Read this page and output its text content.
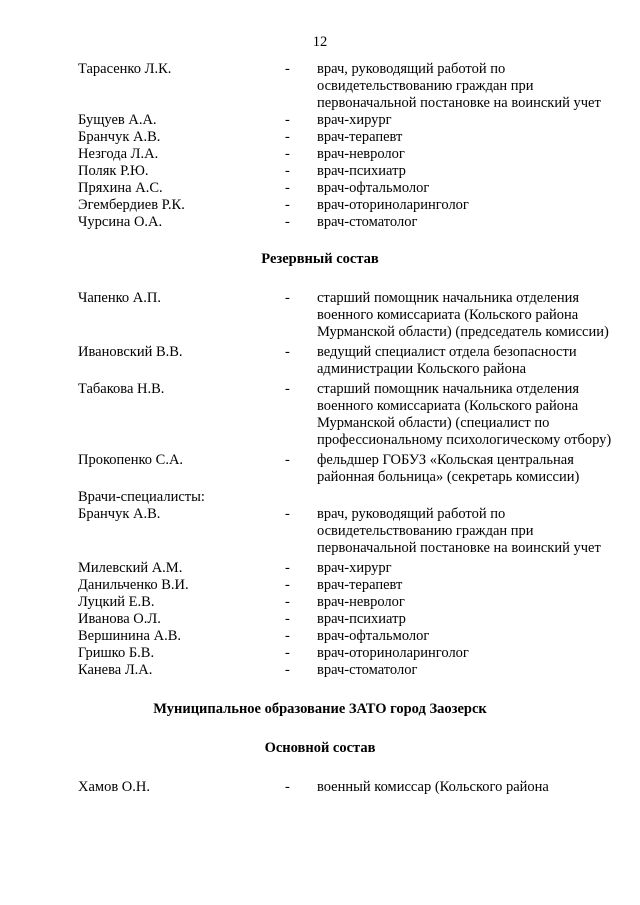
12
Тарасенко Л.К.	- врач, руководящий работой по освидетельствованию граждан при первоначальной постановке на воинский учет
Бущуев А.А.	- врач-хирург
Бранчук А.В.	- врач-терапевт
Незгода Л.А.	- врач-невролог
Поляк Р.Ю.	- врач-психиатр
Пряхина А.С.	- врач-офтальмолог
Эгембердиев Р.К.	- врач-оториноларинголог
Чурсина О.А.	- врач-стоматолог
Резервный состав
Чапенко А.П.	- старший помощник начальника отделения военного комиссариата (Кольского района Мурманской области) (председатель комиссии)
Ивановский В.В.	- ведущий специалист отдела безопасности администрации Кольского района
Табакова Н.В.	- старший помощник начальника отделения военного комиссариата (Кольского района Мурманской области) (специалист по профессиональному психологическому отбору)
Прокопенко С.А.	- фельдшер ГОБУЗ «Кольская центральная районная больница» (секретарь комиссии)
Врачи-специалисты:
Бранчук А.В.	- врач, руководящий работой по освидетельствованию граждан при первоначальной постановке на воинский учет
Милевский А.М.	- врач-хирург
Данильченко В.И.	- врач-терапевт
Луцкий Е.В.	- врач-невролог
Иванова О.Л.	- врач-психиатр
Вершинина А.В.	- врач-офтальмолог
Гришко Б.В.	- врач-оториноларинголог
Канева Л.А.	- врач-стоматолог
Муниципальное образование ЗАТО город Заозерск
Основной состав
Хамов О.Н.	- военный комиссар (Кольского района
